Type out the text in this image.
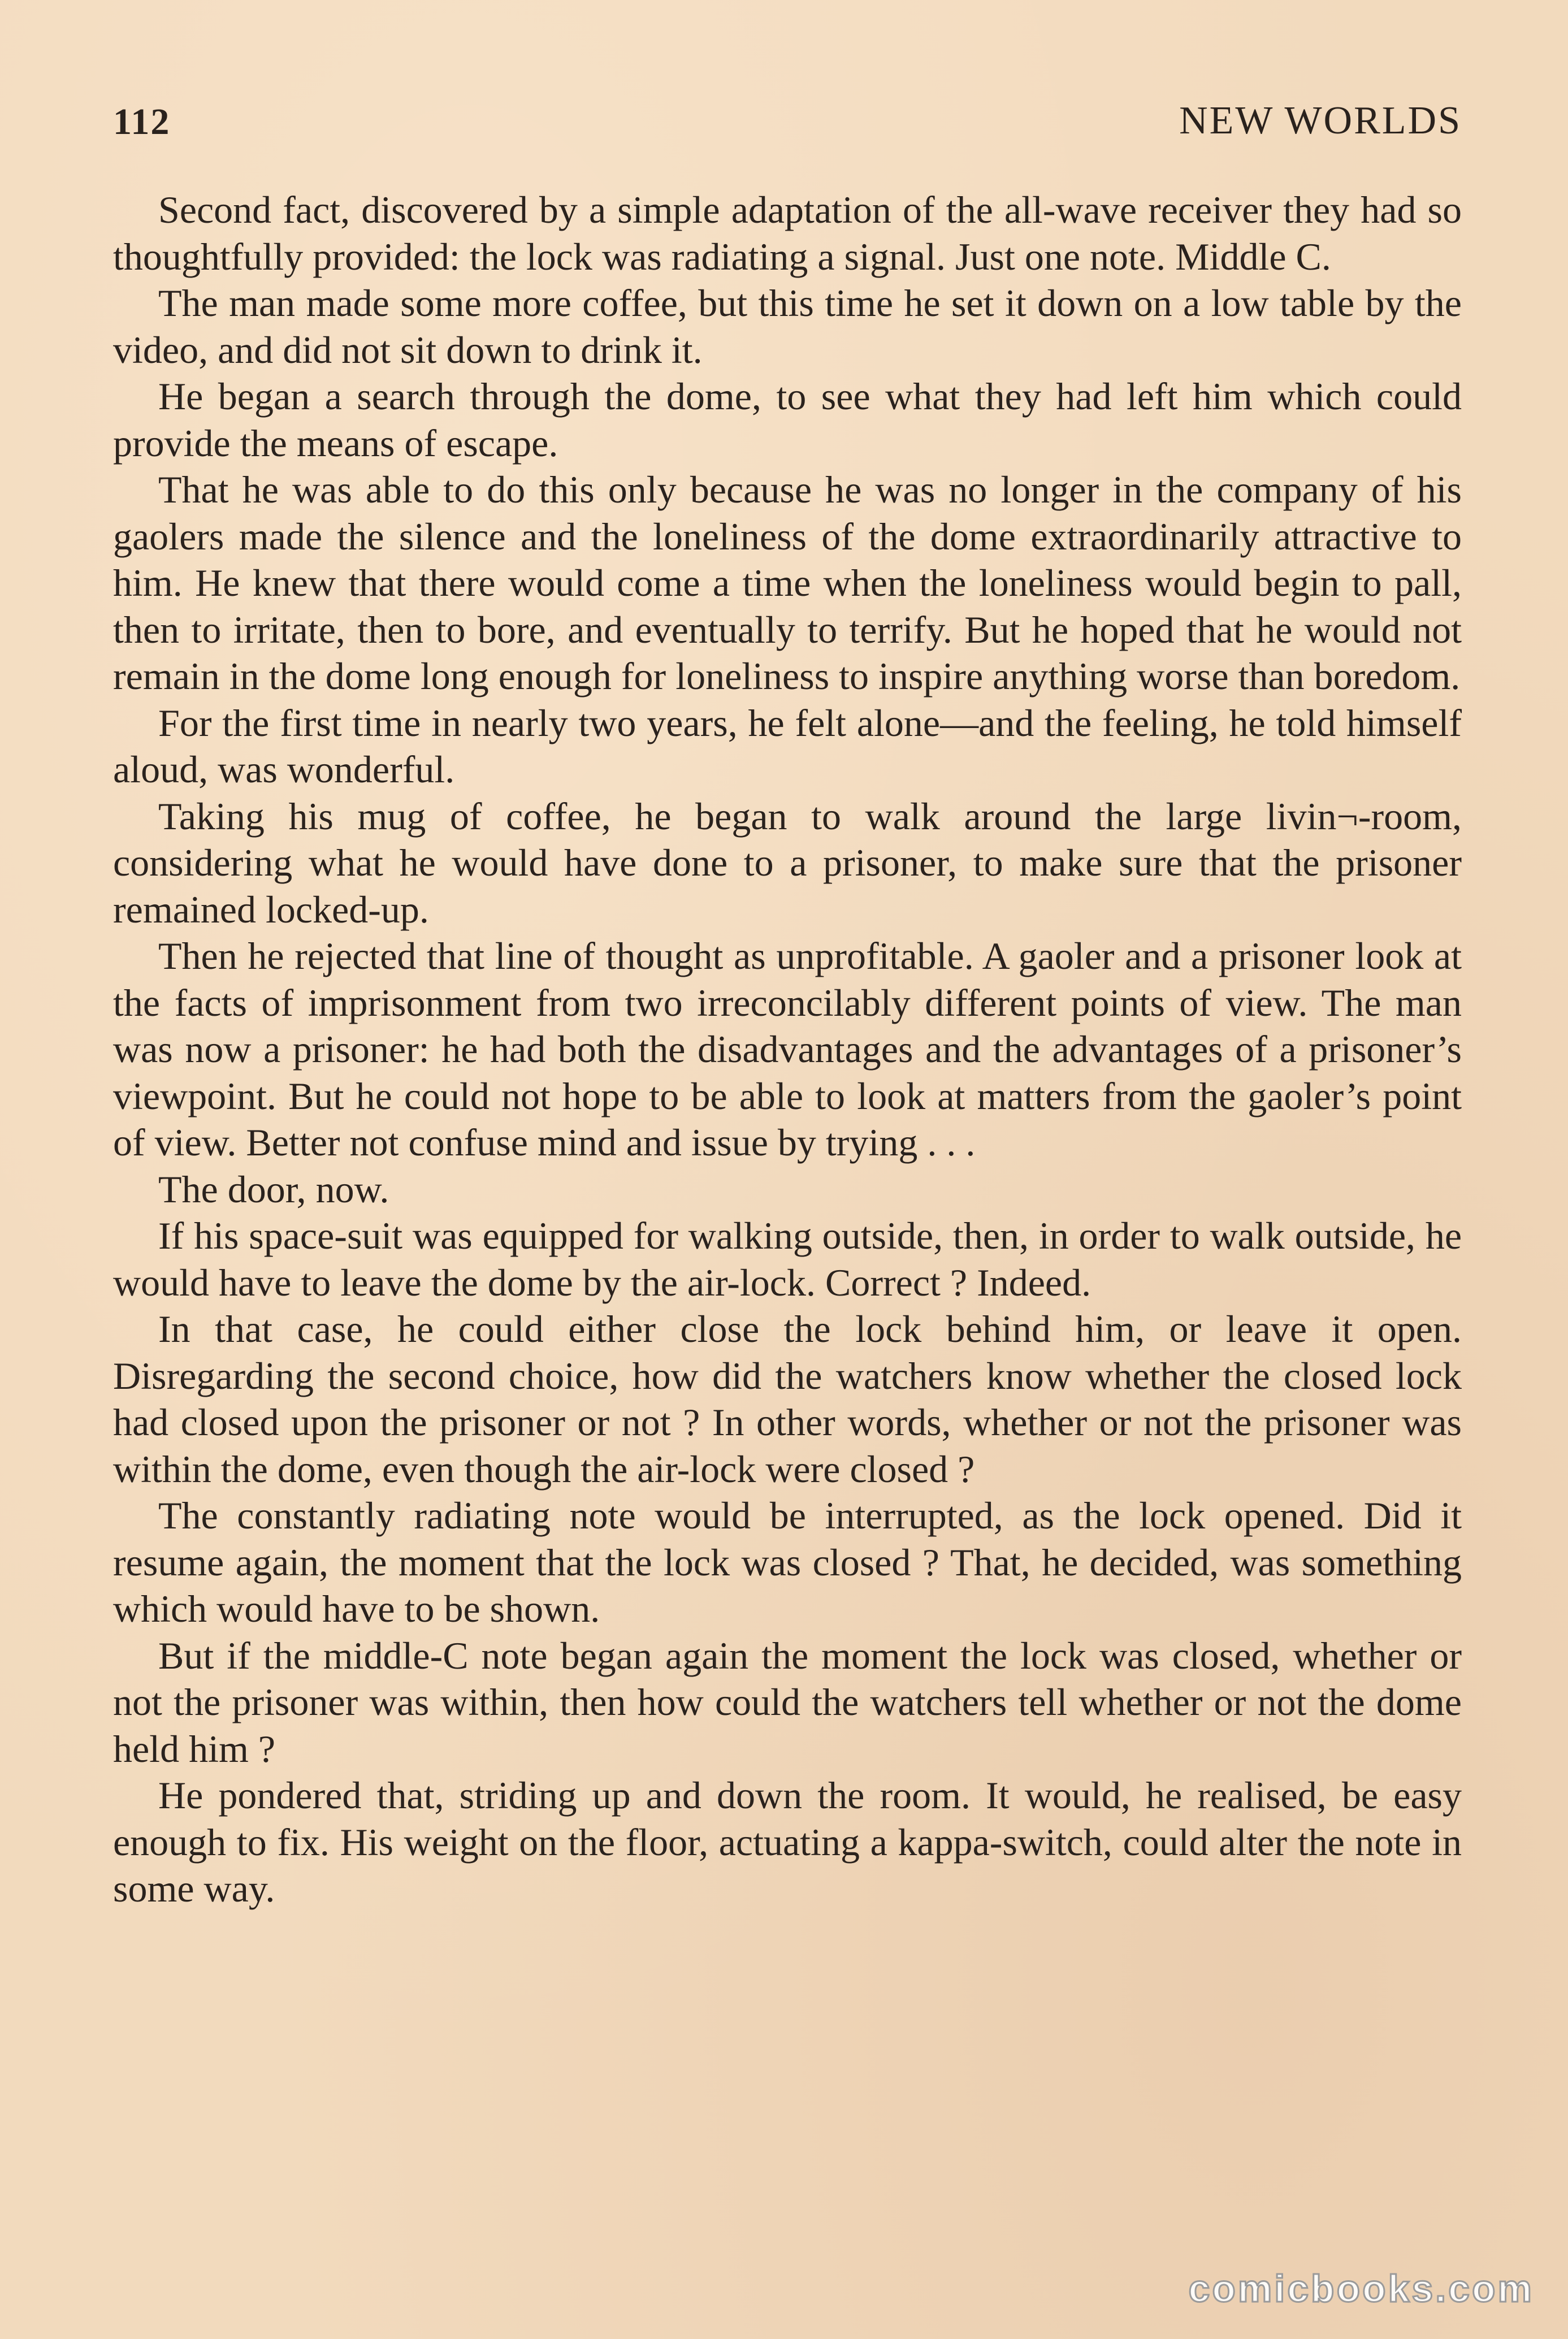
112	NEW WORLDS

Second fact, discovered by a simple adaptation of the all-wave receiver they had so thoughtfully provided: the lock was radiating a signal. Just one note. Middle C.

The man made some more coffee, but this time he set it down on a low table by the video, and did not sit down to drink it.

He began a search through the dome, to see what they had left him which could provide the means of escape.

That he was able to do this only because he was no longer in the company of his gaolers made the silence and the loneliness of the dome extraordinarily attractive to him. He knew that there would come a time when the loneliness would begin to pall, then to irritate, then to bore, and eventually to terrify. But he hoped that he would not remain in the dome long enough for loneliness to inspire anything worse than boredom.

For the first time in nearly two years, he felt alone—and the feeling, he told himself aloud, was wonderful.

Taking his mug of coffee, he began to walk around the large livin¬-room, considering what he would have done to a prisoner, to make sure that the prisoner remained locked-up.

Then he rejected that line of thought as unprofitable. A gaoler and a prisoner look at the facts of imprisonment from two irreconcilably different points of view. The man was now a prisoner: he had both the disadvantages and the advantages of a prisoner’s viewpoint. But he could not hope to be able to look at matters from the gaoler’s point of view. Better not confuse mind and issue by trying . . .

The door, now.

If his space-suit was equipped for walking outside, then, in order to walk outside, he would have to leave the dome by the air-lock. Correct ? Indeed.

In that case, he could either close the lock behind him, or leave it open. Disregarding the second choice, how did the watchers know whether the closed lock had closed upon the prisoner or not ? In other words, whether or not the prisoner was within the dome, even though the air-lock were closed ?

The constantly radiating note would be interrupted, as the lock opened. Did it resume again, the moment that the lock was closed ? That, he decided, was something which would have to be shown.

But if the middle-C note began again the moment the lock was closed, whether or not the prisoner was within, then how could the watchers tell whether or not the dome held him ?

He pondered that, striding up and down the room. It would, he realised, be easy enough to fix. His weight on the floor, actuating a kappa-switch, could alter the note in some way.

comicbooks.com
